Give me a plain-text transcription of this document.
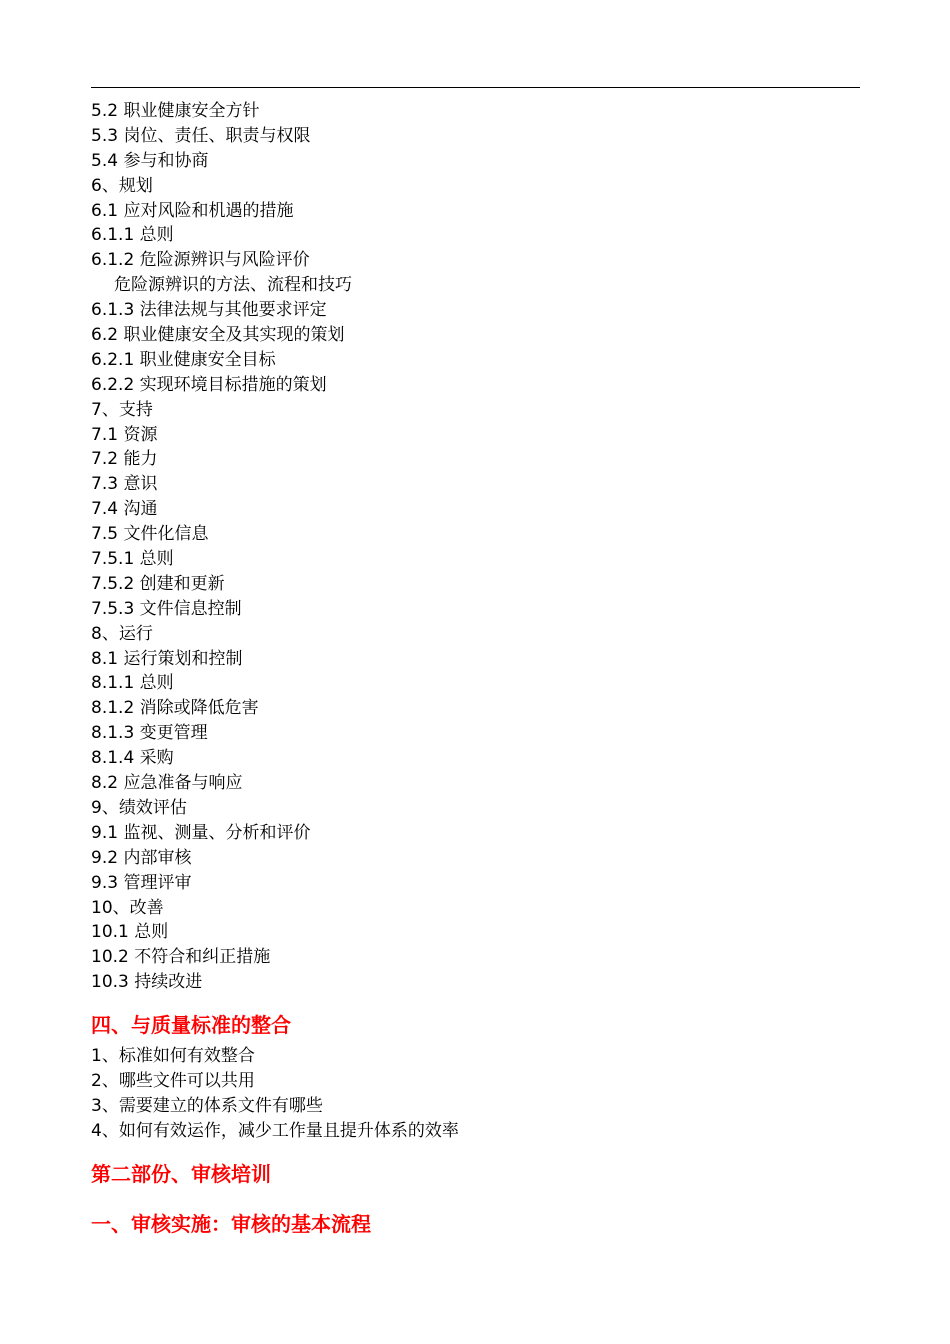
5.2 职业健康安全方针
5.3 岗位、责任、职责与权限
5.4 参与和协商
6、规划
6.1 应对风险和机遇的措施
6.1.1 总则
6.1.2 危险源辨识与风险评价
危险源辨识的方法、流程和技巧
6.1.3 法律法规与其他要求评定
6.2 职业健康安全及其实现的策划
6.2.1 职业健康安全目标
6.2.2 实现环境目标措施的策划
7、支持
7.1 资源
7.2 能力
7.3 意识
7.4 沟通
7.5 文件化信息
7.5.1 总则
7.5.2 创建和更新
7.5.3 文件信息控制
8、运行
8.1 运行策划和控制
8.1.1 总则
8.1.2 消除或降低危害
8.1.3 变更管理
8.1.4 采购
8.2 应急准备与响应
9、绩效评估
9.1 监视、测量、分析和评价
9.2 内部审核
9.3 管理评审
10、改善
10.1 总则
10.2 不符合和纠正措施
10.3 持续改进
四、与质量标准的整合
1、标准如何有效整合
2、哪些文件可以共用
3、需要建立的体系文件有哪些
4、如何有效运作，减少工作量且提升体系的效率
第二部份、审核培训
一、审核实施：审核的基本流程
